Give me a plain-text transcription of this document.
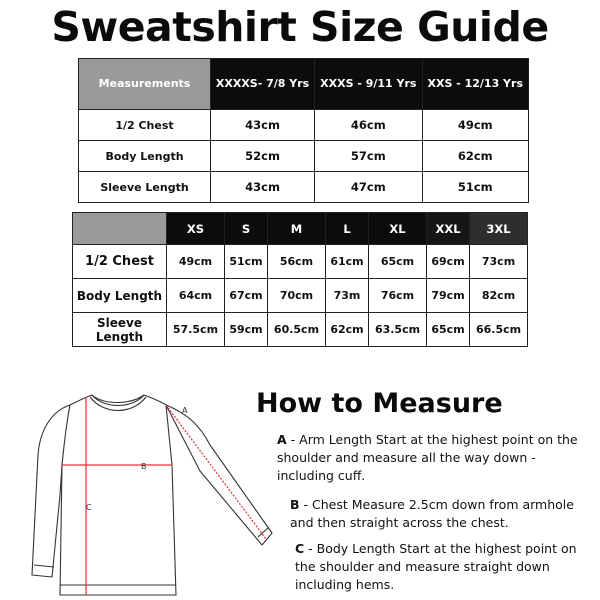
Sweatshirt Size Guide
Measurements	XXXXS- 7/8 Yrs	XXXS - 9/11 Yrs	XXS - 12/13 Yrs
1/2 Chest	43cm	46cm	49cm
Body Length	52cm	57cm	62cm
Sleeve Length	43cm	47cm	51cm
	XS	S	M	L	XL	XXL	3XL
1/2 Chest	49cm	51cm	56cm	61cm	65cm	69cm	73cm
Body Length	64cm	67cm	70cm	73m	76cm	79cm	82cm
Sleeve Length	57.5cm	59cm	60.5cm	62cm	63.5cm	65cm	66.5cm
A
B
C
How to Measure
A - Arm Length Start at the highest point on the shoulder and measure all the way down - including cuff.
B - Chest Measure 2.5cm down from armhole and then straight across the chest.
C - Body Length Start at the highest point on the shoulder and measure straight down including hems.
